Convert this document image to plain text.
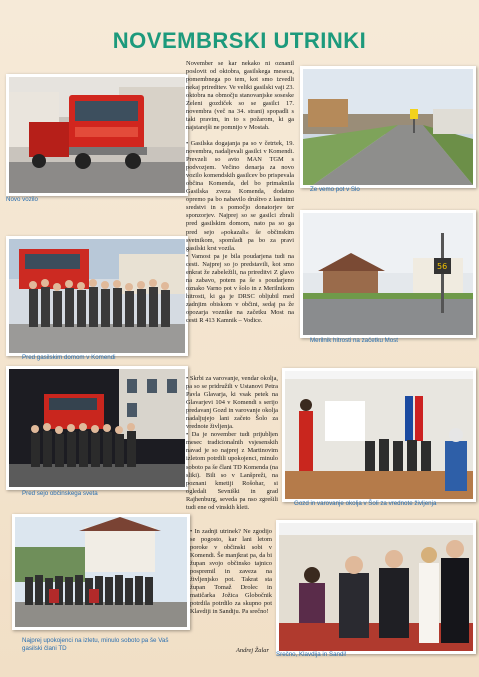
NOVEMBRSKI UTRINKI
Novo vozilo
Ze vemo pot v Slo
Pred gasilskim domom v Komendi
56
Merilnik hitrosti na začetku Most
Pred sejo občinskega sveta
Gozd in varovanje okolja v Šoli za vrednote življenja
Najprej upokojenci na izletu, minulo soboto pa še Vaš gasilski člani TD
Srečno, Klavdija in Sandi!

November se kar nekako ni oznanil poslovit od oktobra, gasilskega meseca, pomembnega po tem, kot smo izvedli nekaj prireditev. Ve veliki gasilski vaji 23. oktobra na območju stanovanjske soseske Zeleni gozdiček so se gasilci 17. novembra (več na 34. strani) spopadli s taki pravim, in to s požarom, ki ga najstarejši ne pomnijo v Mostah.

• Gasilska dogajanja pa so v četrtek, 19. novembra, nadaljevali gasilci v Komendi. Prevzeli so avto MAN TGM s podvozjem. Večino denarja za novo vozilo komendskih gasilcev bo prispevala občina Komenda, del bo primaknila Gasilska zveza Komenda, dodatno opremo pa bo nabavilo društvo z lastnimi sredstvi in s pomočjo donatorjev ter sponzorjev. Najprej so se gasilci zbrali pred gasilskim domom, nato pa so ga pred sejo »pokazali« še občinskim svetnikom, spomladi pa bo za pravi gasilski krst vozila.

• Vamost pa je bila poudarjena tudi na cesti. Najprej so jo predstavili, kot smo enkrat že zabeležili, na prireditvi Z glavo na zabavo, potem pa še s poudarjeno oznako Varno pot v šolo in z Merilnikom hitrosti, ki ga je DRSC obljubil med zadnjim obiskom v občini, sedaj pa že opozarja voznike na začetku Most na cesti R 413 Kamnik – Vodice.

• Skrbi za varovanje, vendar okolja, pa so se pridružili v Ustanovi Petra Pavla Glavarja, ki vsak petek na Glavarjevi 104 v Komendi s serijo predavanj Gozd in varovanje okolja nadaljujejo lani začeto Šolo za vrednote življenja.

• Da je november tudi prijubljen mesec tradicionalnih vsjesenskih navad je so najprej z Martinovim izletom potrdili upokojenci, minulo soboto pa še člani TD Komenda (na sliki). Bili so v Lanšpreži, na poznani kmetiji Rošohar, si ogledali Sevniški in grad Rajhenburg, seveda pa nso zgrešili tudi ene od vinskih kleti.

• In zadnji utrinek? Ne zgodijo se pogosto, kar lani letom poroke v občinski sobi v Komendi. Še manjkrat pa, da bi župan svojo občinsko tajnico pospremil in zaveza na življenjsko pot. Takrat sta župan Tomaž Drolec in matičarka Jožica Globočnik potrdila potrdilo za skupno pot Klavdiji in Sandiju. Pa srečno!

Andrej Žalar
